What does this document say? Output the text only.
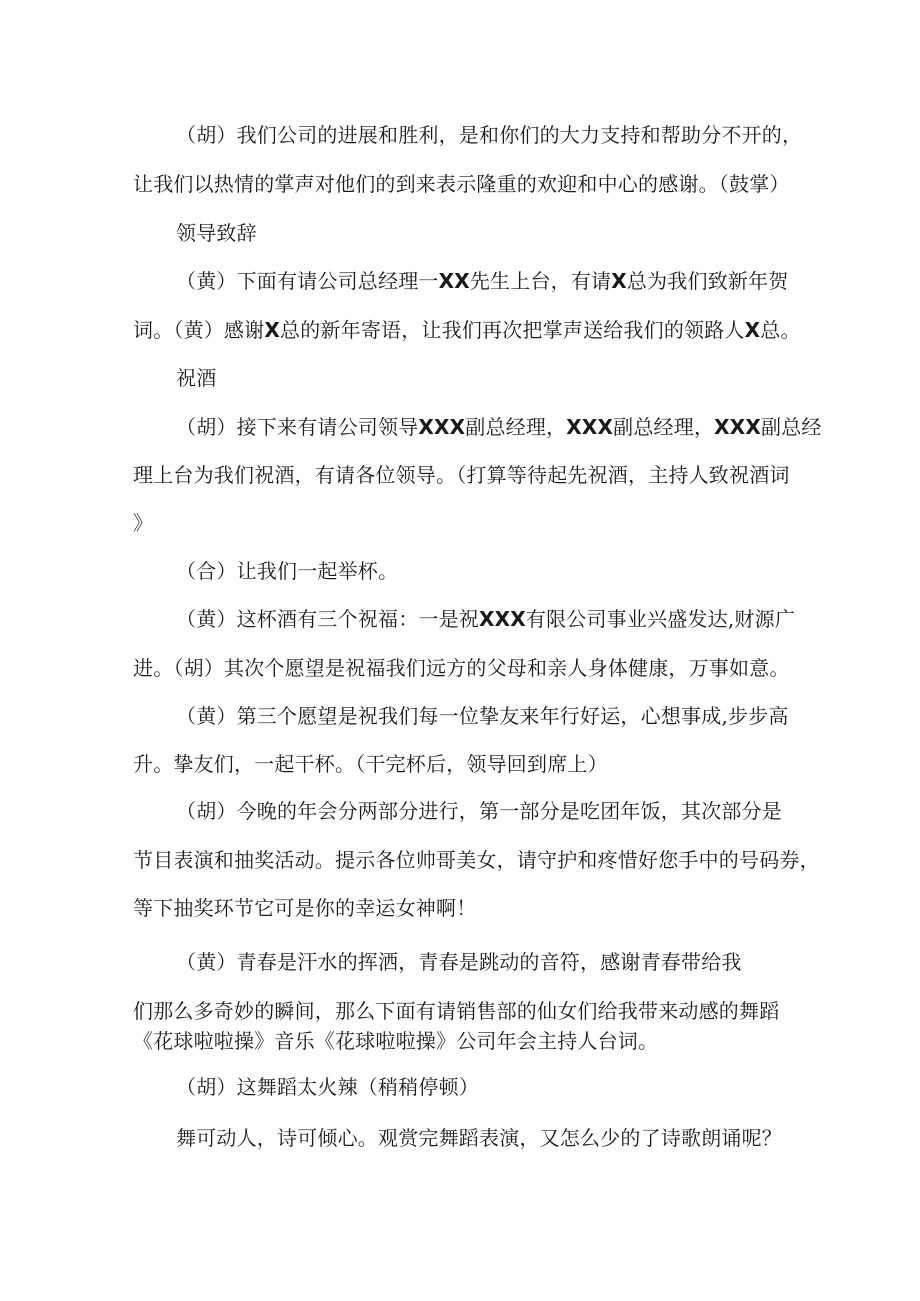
（胡）我们公司的进展和胜利，是和你们的大力支持和帮助分不开的，
让我们以热情的掌声对他们的到来表示隆重的欢迎和中心的感谢。（鼓掌）
领导致辞
（黄）下面有请公司总经理一XX先生上台，有请X总为我们致新年贺
词。（黄）感谢X总的新年寄语，让我们再次把掌声送给我们的领路人X总。
祝酒
（胡）接下来有请公司领导XXX副总经理，XXX副总经理，XXX副总经
理上台为我们祝酒，有请各位领导。（打算等待起先祝酒，主持人致祝酒词
》
（合）让我们一起举杯。
（黄）这杯酒有三个祝福：一是祝XXX有限公司事业兴盛发达,财源广
进。（胡）其次个愿望是祝福我们远方的父母和亲人身体健康，万事如意。
（黄）第三个愿望是祝我们每一位挚友来年行好运，心想事成,步步高
升。挚友们，一起干杯。（干完杯后，领导回到席上）
（胡）今晚的年会分两部分进行，第一部分是吃团年饭，其次部分是
节目表演和抽奖活动。提示各位帅哥美女，请守护和疼惜好您手中的号码券，
等下抽奖环节它可是你的幸运女神啊！
（黄）青春是汗水的挥洒，青春是跳动的音符，感谢青春带给我
们那么多奇妙的瞬间，那么下面有请销售部的仙女们给我带来动感的舞蹈
《花球啦啦操》音乐《花球啦啦操》公司年会主持人台词。
（胡）这舞蹈太火辣（稍稍停顿）
舞可动人，诗可倾心。观赏完舞蹈表演，又怎么少的了诗歌朗诵呢？
